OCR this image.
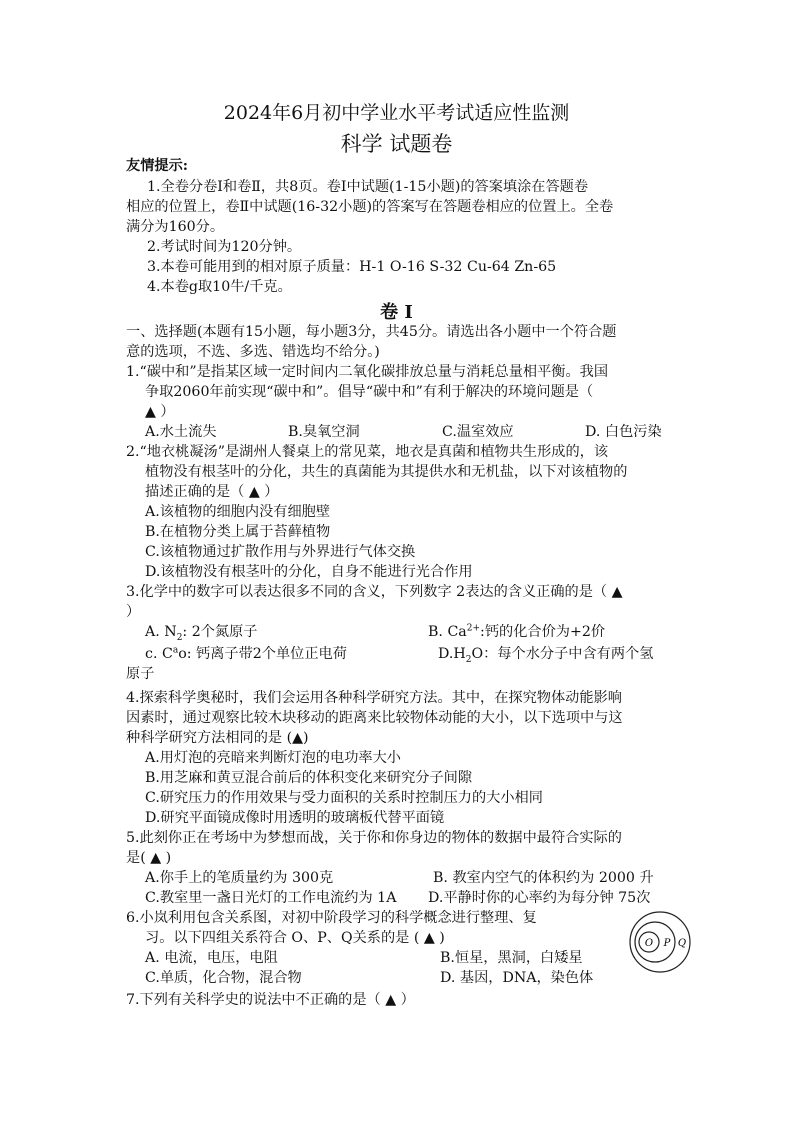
2024年6月初中学业水平考试适应性监测
科学 试题卷
友情提示:
1.全卷分卷Ⅰ和卷Ⅱ，共8页。卷Ⅰ中试题(1-15小题)的答案填涂在答题卷
相应的位置上，卷Ⅱ中试题(16-32小题)的答案写在答题卷相应的位置上。全卷
满分为160分。
2.考试时间为120分钟。
3.本卷可能用到的相对原子质量：H-1 O-16 S-32 Cu-64 Zn-65
4.本卷g取10牛/千克。
卷 Ⅰ
一、选择题(本题有15小题，每小题3分，共45分。请选出各小题中一个符合题
意的选项，不选、多选、错选均不给分。)
1.“碳中和”是指某区域一定时间内二氧化碳排放总量与消耗总量相平衡。我国
争取2060年前实现“碳中和”。倡导“碳中和”有利于解决的环境问题是（
▲ ）
A.水土流失	B.臭氧空洞	C.温室效应	D. 白色污染
2.“地衣桃凝汤”是湖州人餐桌上的常见菜，地衣是真菌和植物共生形成的，该
植物没有根茎叶的分化，共生的真菌能为其提供水和无机盐，以下对该植物的
描述正确的是（ ▲ ）
A.该植物的细胞内没有细胞壁
B.在植物分类上属于苔藓植物
C.该植物通过扩散作用与外界进行气体交换
D.该植物没有根茎叶的分化，自身不能进行光合作用
3.化学中的数字可以表达很多不同的含义，下列数字 2表达的含义正确的是（ ▲
）
A. $N_2$: 2个氮原子	B. $Ca^{2+}$:钙的化合价为+2价
c. $C^ao$: 钙离子带2个单位正电荷	$D.H_2O$：每个水分子中含有两个氢
原子
4.探索科学奥秘时，我们会运用各种科学研究方法。其中，在探究物体动能影响
因素时，通过观察比较木块移动的距离来比较物体动能的大小，以下选项中与这
种科学研究方法相同的是 (▲)
A.用灯泡的亮暗来判断灯泡的电功率大小
B.用芝麻和黄豆混合前后的体积变化来研究分子间隙
C.研究压力的作用效果与受力面积的关系时控制压力的大小相同
D.研究平面镜成像时用透明的玻璃板代替平面镜
5.此刻你正在考场中为梦想而战，关于你和你身边的物体的数据中最符合实际的
是( ▲ )
A.你手上的笔质量约为 300克	B. 教室内空气的体积约为 2000 升
C.教室里一盏日光灯的工作电流约为 1A D.平静时你的心率约为每分钟 75次
6.小岚利用包含关系图，对初中阶段学习的科学概念进行整理、复
习。以下四组关系符合 O、P、Q关系的是 ( ▲ )
A. 电流，电压，电阻	B.恒星，黑洞，白矮星
C.单质，化合物，混合物	D. 基因，DNA，染色体
O P Q
7.下列有关科学史的说法中不正确的是（ ▲ ）
